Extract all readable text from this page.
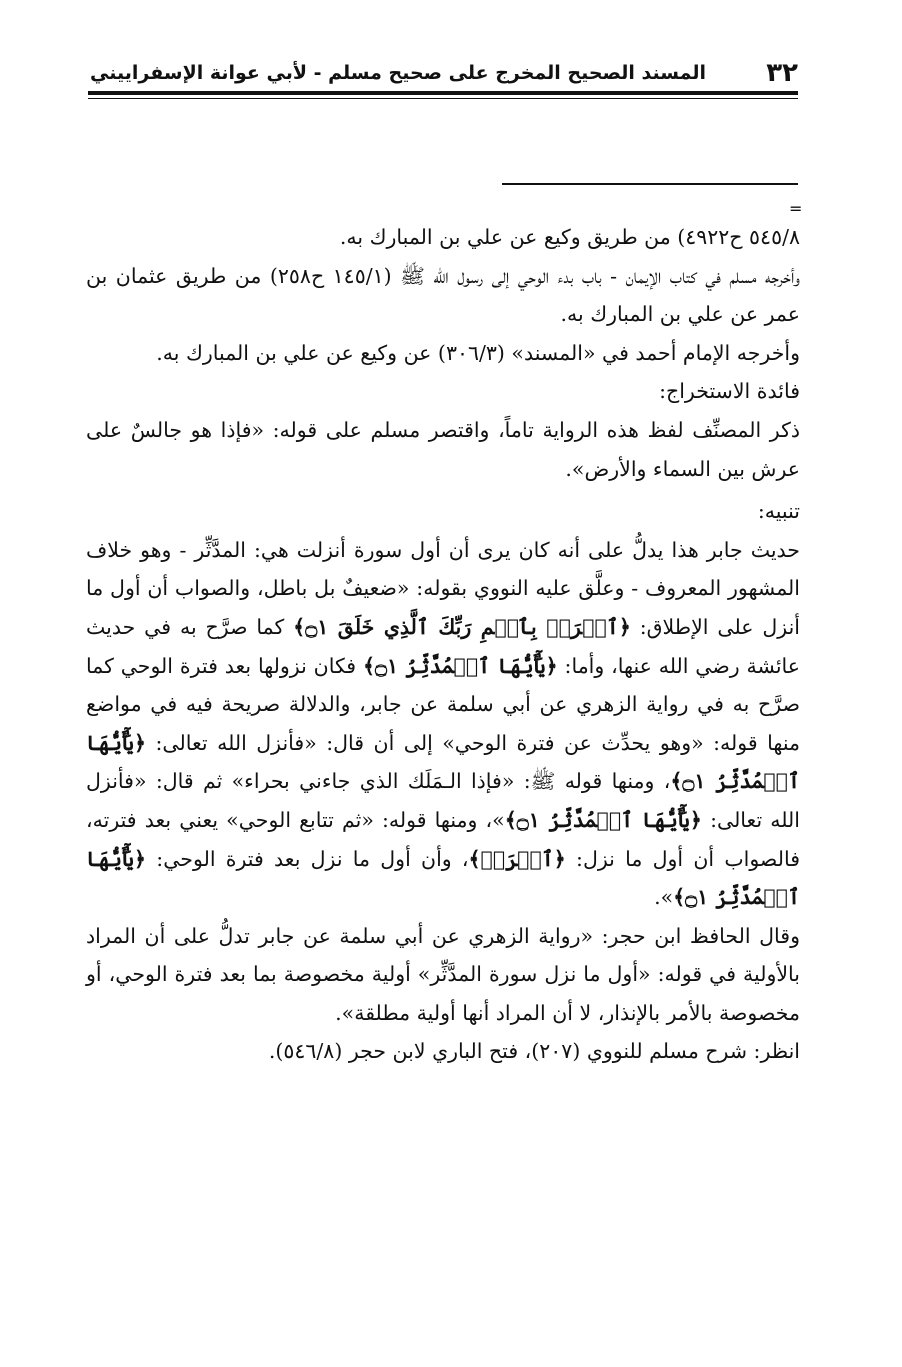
٣٢
المسند الصحيح المخرج على صحيح مسلم - لأبي عوانة الإسفراييني
=

٥٤٥/٨ ح٤٩٢٢) من طريق وكيع عن علي بن المبارك به.

وأخرجه مسلم في كتاب الإيمان - باب بدء الوحي إلى رسول الله ﷺ (١٤٥/١ ح٢٥٨) من طريق عثمان بن عمر عن علي بن المبارك به.

وأخرجه الإمام أحمد في «المسند» (٣٠٦/٣) عن وكيع عن علي بن المبارك به.

فائدة الاستخراج:

ذكر المصنِّف لفظ هذه الرواية تاماً، واقتصر مسلم على قوله: «فإذا هو جالسٌ على عرش بين السماء والأرض».

تنبيه:

حديث جابر هذا يدلُّ على أنه كان يرى أن أول سورة أنزلت هي: المدَّثِّر - وهو خلاف المشهور المعروف - وعلَّق عليه النووي بقوله: «ضعيفٌ بل باطل، والصواب أن أول ما أنزل على الإطلاق: ﴿ٱقۡرَأۡ بِٱسۡمِ رَبِّكَ ٱلَّذِي خَلَقَ ۝١﴾ كما صرَّح به في حديث عائشة رضي الله عنها، وأما: ﴿يَٰٓأَيُّهَا ٱلۡمُدَّثِّرُ ۝١﴾ فكان نزولها بعد فترة الوحي كما صرَّح به في رواية الزهري عن أبي سلمة عن جابر، والدلالة صريحة فيه في مواضع منها قوله: «وهو يحدِّث عن فترة الوحي» إلى أن قال: «فأنزل الله تعالى: ﴿يَٰٓأَيُّهَا ٱلۡمُدَّثِّرُ ۝١﴾، ومنها قوله ﷺ: «فإذا الـمَلَك الذي جاءني بحراء» ثم قال: «فأنزل الله تعالى: ﴿يَٰٓأَيُّهَا ٱلۡمُدَّثِّرُ ۝١﴾»، ومنها قوله: «ثم تتابع الوحي» يعني بعد فترته، فالصواب أن أول ما نزل: ﴿ٱقۡرَأۡ﴾، وأن أول ما نزل بعد فترة الوحي: ﴿يَٰٓأَيُّهَا ٱلۡمُدَّثِّرُ ۝١﴾».

وقال الحافظ ابن حجر: «رواية الزهري عن أبي سلمة عن جابر تدلُّ على أن المراد بالأولية في قوله: «أول ما نزل سورة المدَّثِّر» أولية مخصوصة بما بعد فترة الوحي، أو مخصوصة بالأمر بالإنذار، لا أن المراد أنها أولية مطلقة».

انظر: شرح مسلم للنووي (٢٠٧)، فتح الباري لابن حجر (٥٤٦/٨).
